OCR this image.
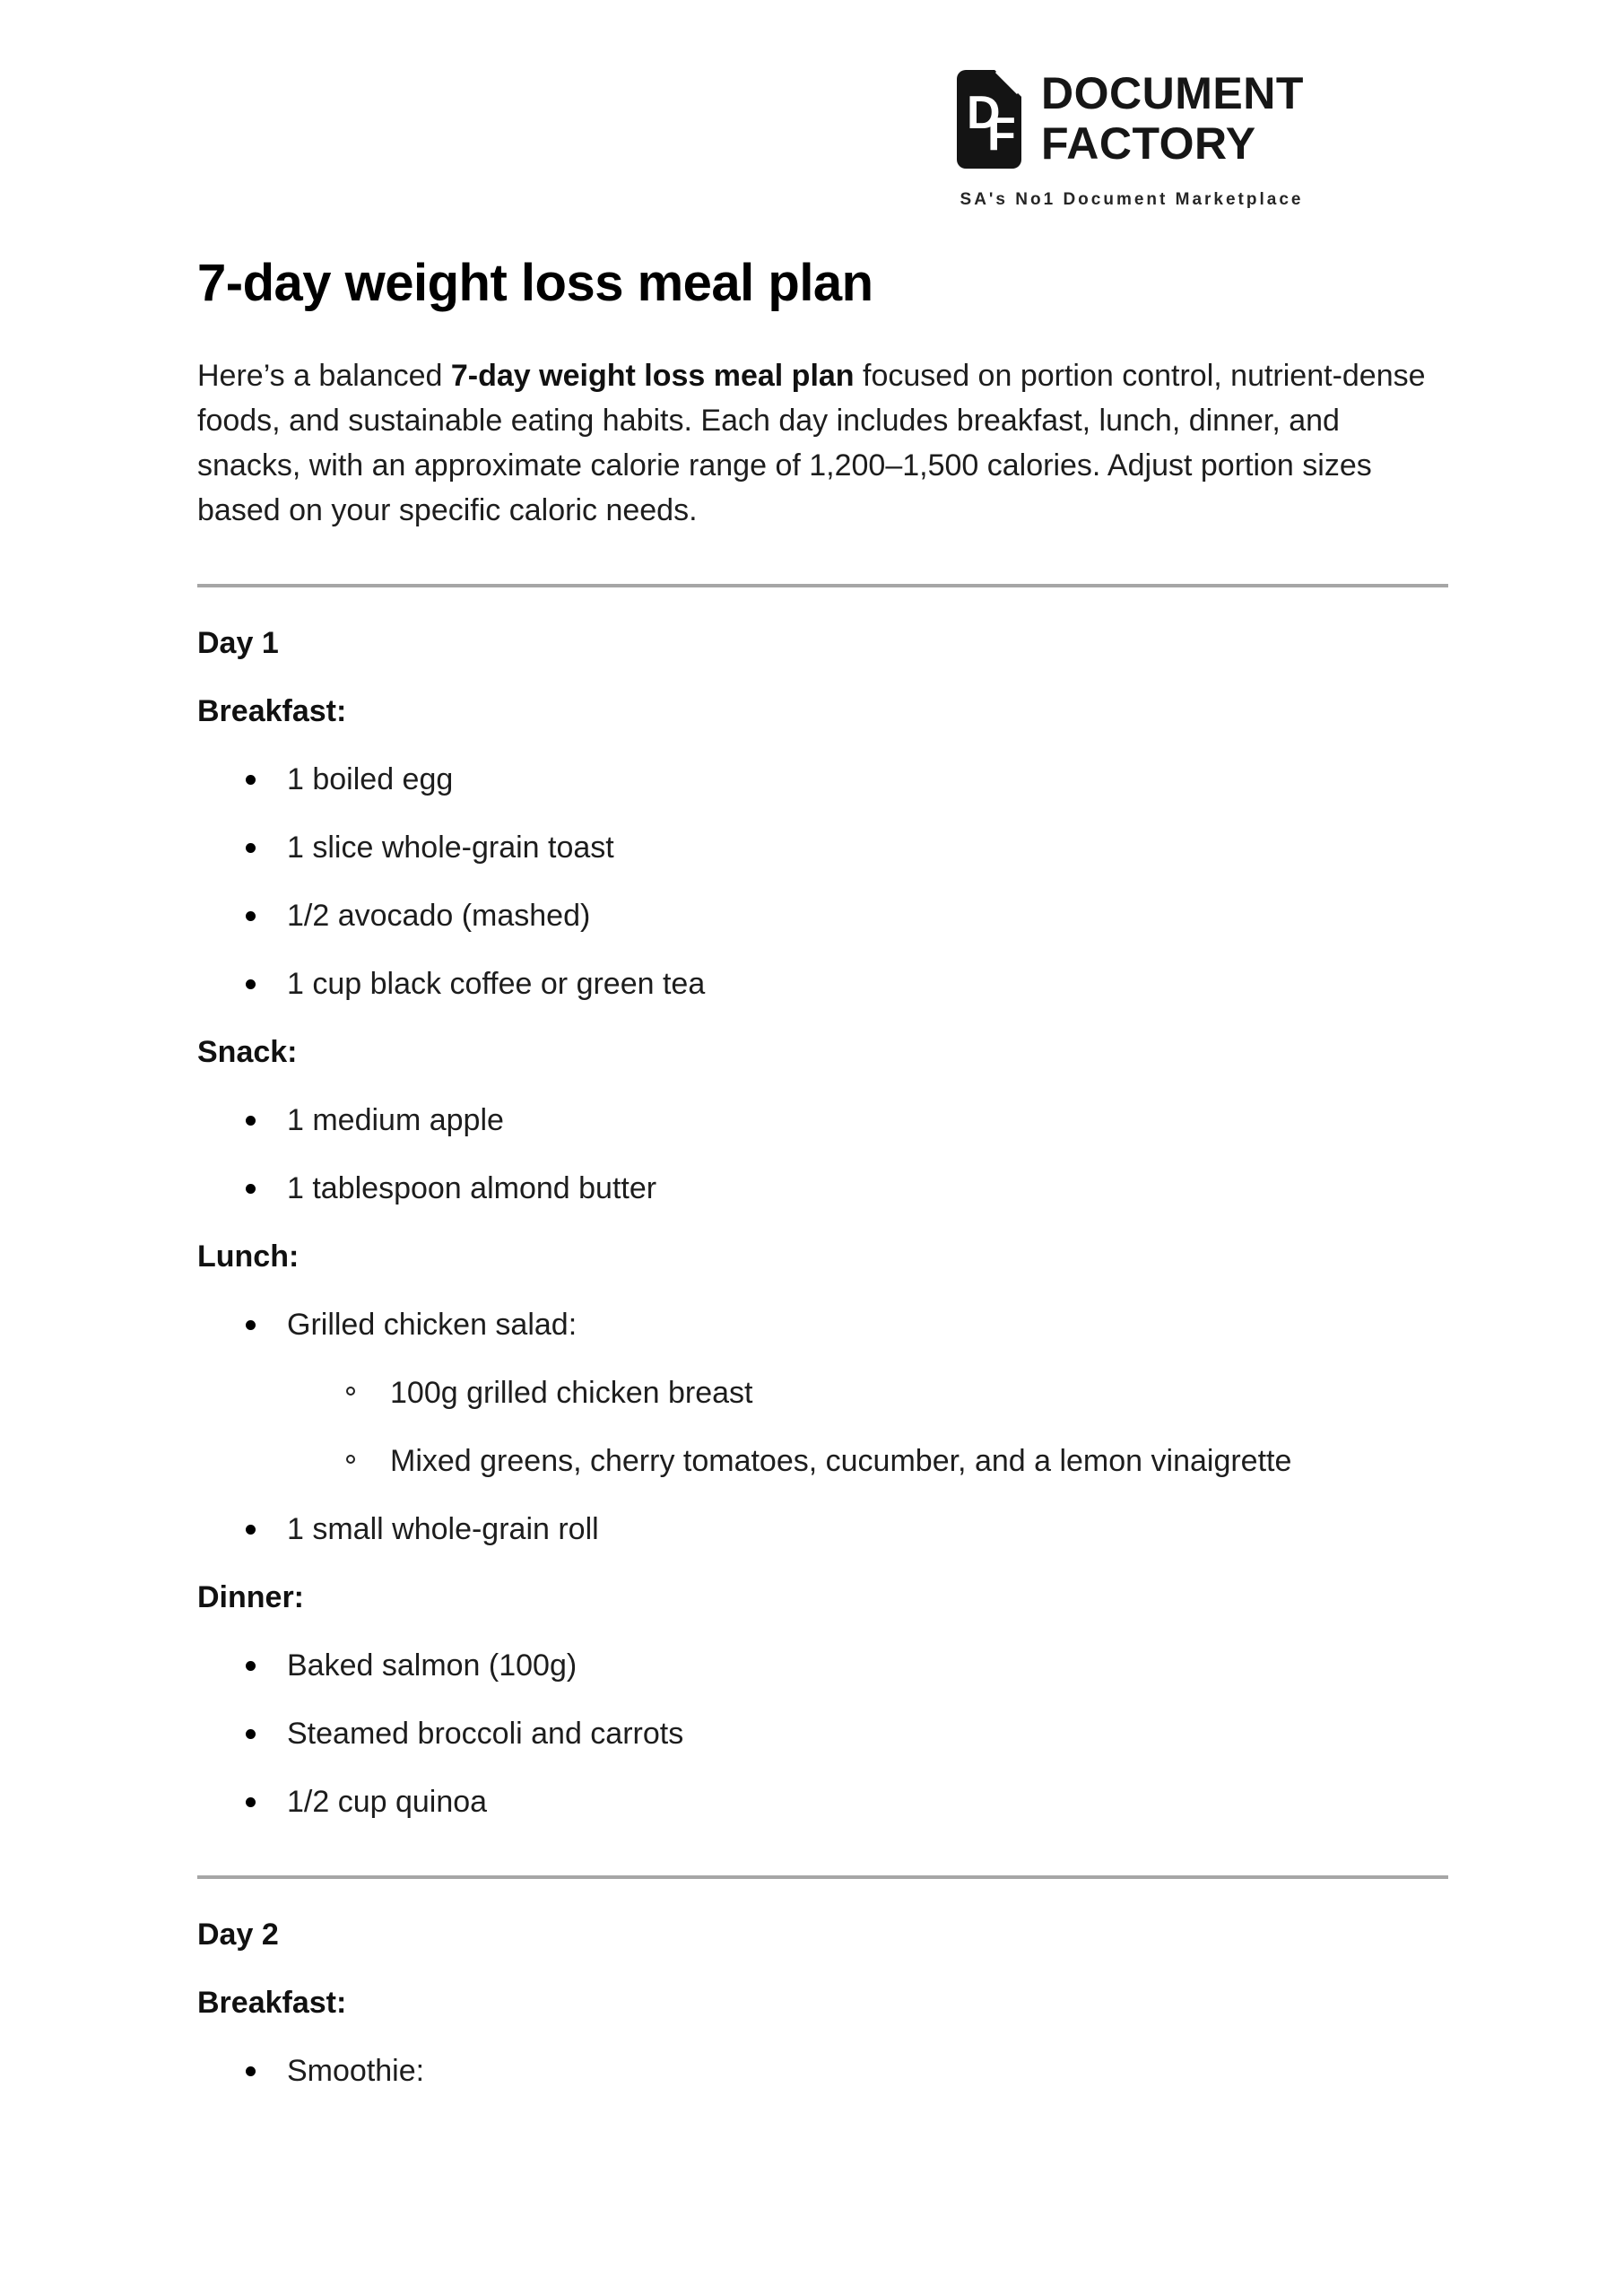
D
F
DOCUMENT
FACTORY
SA's No1 Document Marketplace
7-day weight loss meal plan

Here’s a balanced 7-day weight loss meal plan focused on portion control, nutrient-dense foods, and sustainable eating habits. Each day includes breakfast, lunch, dinner, and snacks, with an approximate calorie range of 1,200–1,500 calories. Adjust portion sizes based on your specific caloric needs.

Day 1
Breakfast:
1 boiled egg
1 slice whole-grain toast
1/2 avocado (mashed)
1 cup black coffee or green tea
Snack:
1 medium apple
1 tablespoon almond butter
Lunch:
Grilled chicken salad:
100g grilled chicken breast
Mixed greens, cherry tomatoes, cucumber, and a lemon vinaigrette
1 small whole-grain roll
Dinner:
Baked salmon (100g)
Steamed broccoli and carrots
1/2 cup quinoa
Day 2
Breakfast:
Smoothie:
